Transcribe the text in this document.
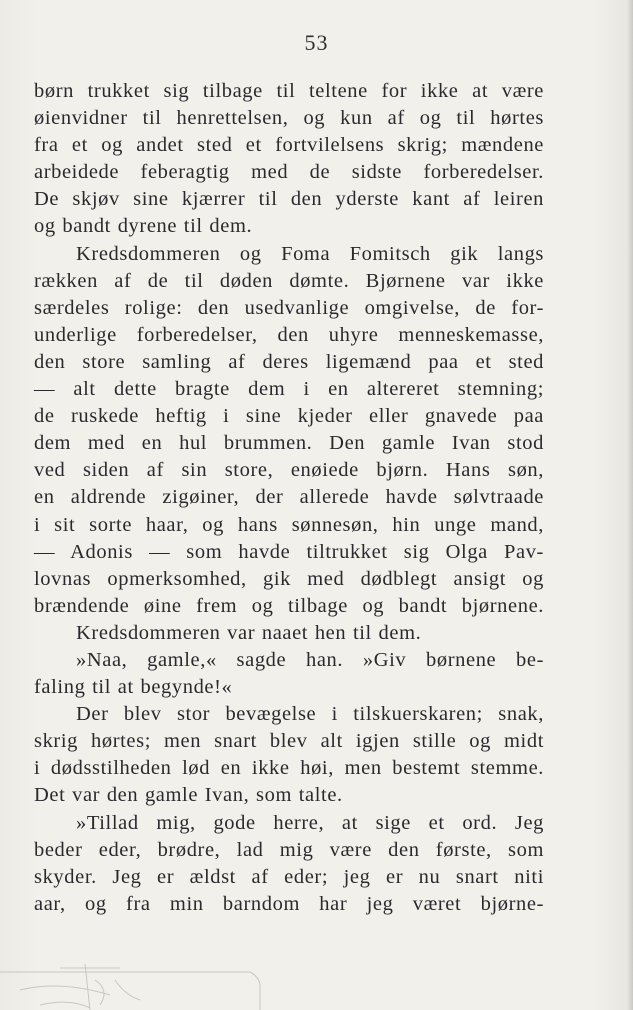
53
børn trukket sig tilbage til teltene for ikke at være
øienvidner til henrettelsen, og kun af og til hørtes
fra et og andet sted et fortvilelsens skrig; mændene
arbeidede feberagtig med de sidste forberedelser.
De skjøv sine kjærrer til den yderste kant af leiren
og bandt dyrene til dem.
Kredsdommeren og Foma Fomitsch gik langs
rækken af de til døden dømte. Bjørnene var ikke
særdeles rolige: den usedvanlige omgivelse, de for-
underlige forberedelser, den uhyre menneskemasse,
den store samling af deres ligemænd paa et sted
— alt dette bragte dem i en altereret stemning;
de ruskede heftig i sine kjeder eller gnavede paa
dem med en hul brummen. Den gamle Ivan stod
ved siden af sin store, enøiede bjørn. Hans søn,
en aldrende zigøiner, der allerede havde sølvtraade
i sit sorte haar, og hans sønnesøn, hin unge mand,
— Adonis — som havde tiltrukket sig Olga Pav-
lovnas opmerksomhed, gik med dødblegt ansigt og
brændende øine frem og tilbage og bandt bjørnene.
Kredsdommeren var naaet hen til dem.
»Naa, gamle,« sagde han. »Giv børnene be-
faling til at begynde!«
Der blev stor bevægelse i tilskuerskaren; snak,
skrig hørtes; men snart blev alt igjen stille og midt
i dødsstilheden lød en ikke høi, men bestemt stemme.
Det var den gamle Ivan, som talte.
»Tillad mig, gode herre, at sige et ord. Jeg
beder eder, brødre, lad mig være den første, som
skyder. Jeg er ældst af eder; jeg er nu snart niti
aar, og fra min barndom har jeg været bjørne-
